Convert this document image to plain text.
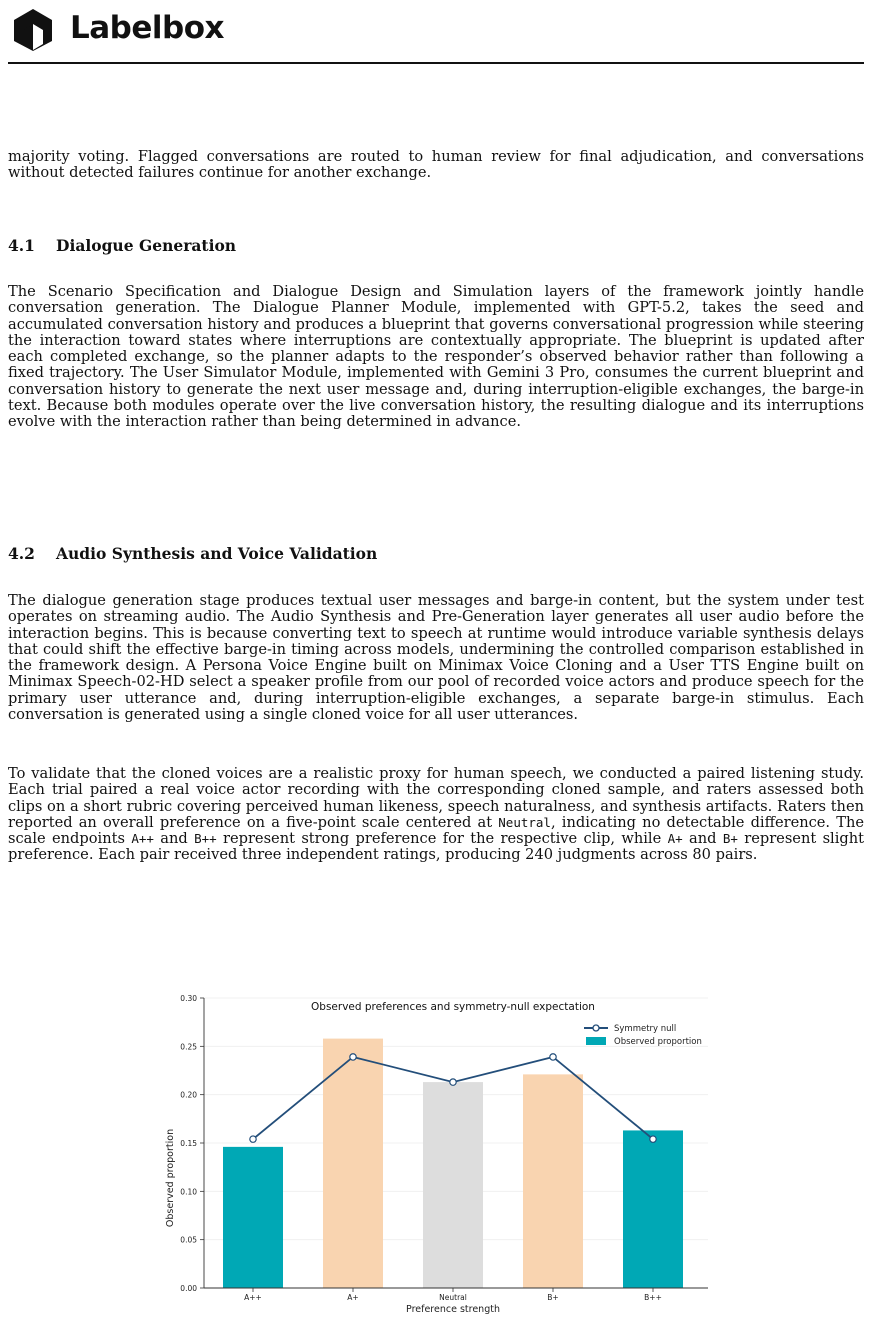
Labelbox

majority voting. Flagged conversations are routed to human review for final adjudication, and conversations without detected failures continue for another exchange.

4.1 Dialogue Generation

The Scenario Specification and Dialogue Design and Simulation layers of the framework jointly handle conversation generation. The Dialogue Planner Module, implemented with GPT-5.2, takes the seed and accumulated conversation history and produces a blueprint that governs conversational progression while steering the interaction toward states where interruptions are contextually appropriate. The blueprint is updated after each completed exchange, so the planner adapts to the responder’s observed behavior rather than following a fixed trajectory. The User Simulator Module, implemented with Gemini 3 Pro, consumes the current blueprint and conversation history to generate the next user message and, during interruption-eligible exchanges, the barge-in text. Because both modules operate over the live conversation history, the resulting dialogue and its interruptions evolve with the interaction rather than being determined in advance.

4.2 Audio Synthesis and Voice Validation

The dialogue generation stage produces textual user messages and barge-in content, but the system under test operates on streaming audio. The Audio Synthesis and Pre-Generation layer generates all user audio before the interaction begins. This is because converting text to speech at runtime would introduce variable synthesis delays that could shift the effective barge-in timing across models, undermining the controlled comparison established in the framework design. A Persona Voice Engine built on Minimax Voice Cloning and a User TTS Engine built on Minimax Speech-02-HD select a speaker profile from our pool of recorded voice actors and produce speech for the primary user utterance and, during interruption-eligible exchanges, a separate barge-in stimulus. Each conversation is generated using a single cloned voice for all user utterances.

To validate that the cloned voices are a realistic proxy for human speech, we conducted a paired listening study. Each trial paired a real voice actor recording with the corresponding cloned sample, and raters assessed both clips on a short rubric covering perceived human likeness, speech naturalness, and synthesis artifacts. Raters then reported an overall preference on a five-point scale centered at Neutral, indicating no detectable difference. The scale endpoints A++ and B++ represent strong preference for the respective clip, while A+ and B+ represent slight preference. Each pair received three independent ratings, producing 240 judgments across 80 pairs.

Observed preferences and symmetry-null expectation
0.00
0.05
0.10
0.15
0.20
0.25
0.30
A++	A+	Neutral	B+	B++
Preference strength
Observed proportion
Symmetry null
Observed proportion
